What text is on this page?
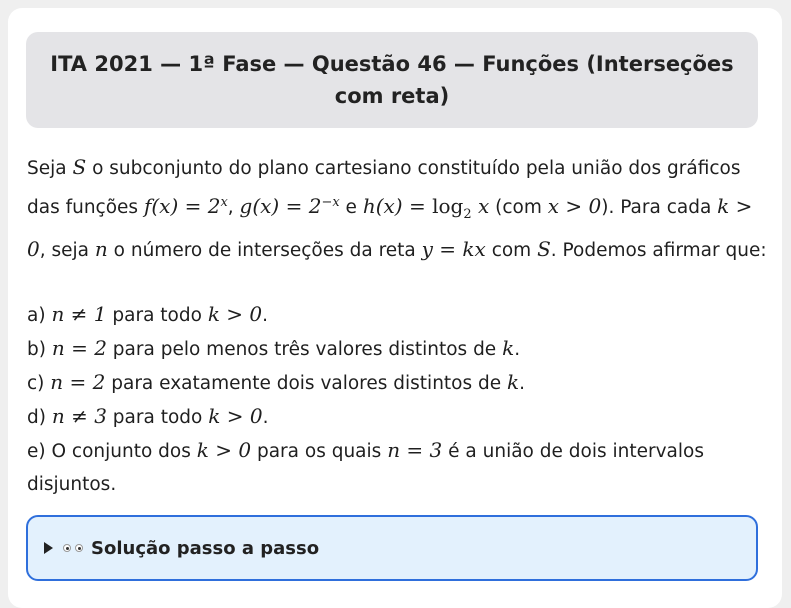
ITA 2021 — 1ª Fase — Questão 46 — Funções (Interseções com reta)
Seja S o subconjunto do plano cartesiano constituído pela união dos gráficos das funções $f(x) = 2^x$, $g(x) = 2^{-x}$ e $h(x) = \log_2 x$ (com x > 0). Para cada k > 0, seja n o número de interseções da reta y = kx com S. Podemos afirmar que:
a) n ≠ 1 para todo k > 0.
b) n = 2 para pelo menos três valores distintos de k.
c) n = 2 para exatamente dois valores distintos de k.
d) n ≠ 3 para todo k > 0.
e) O conjunto dos k > 0 para os quais n = 3 é a união de dois intervalos disjuntos.
Solução passo a passo
